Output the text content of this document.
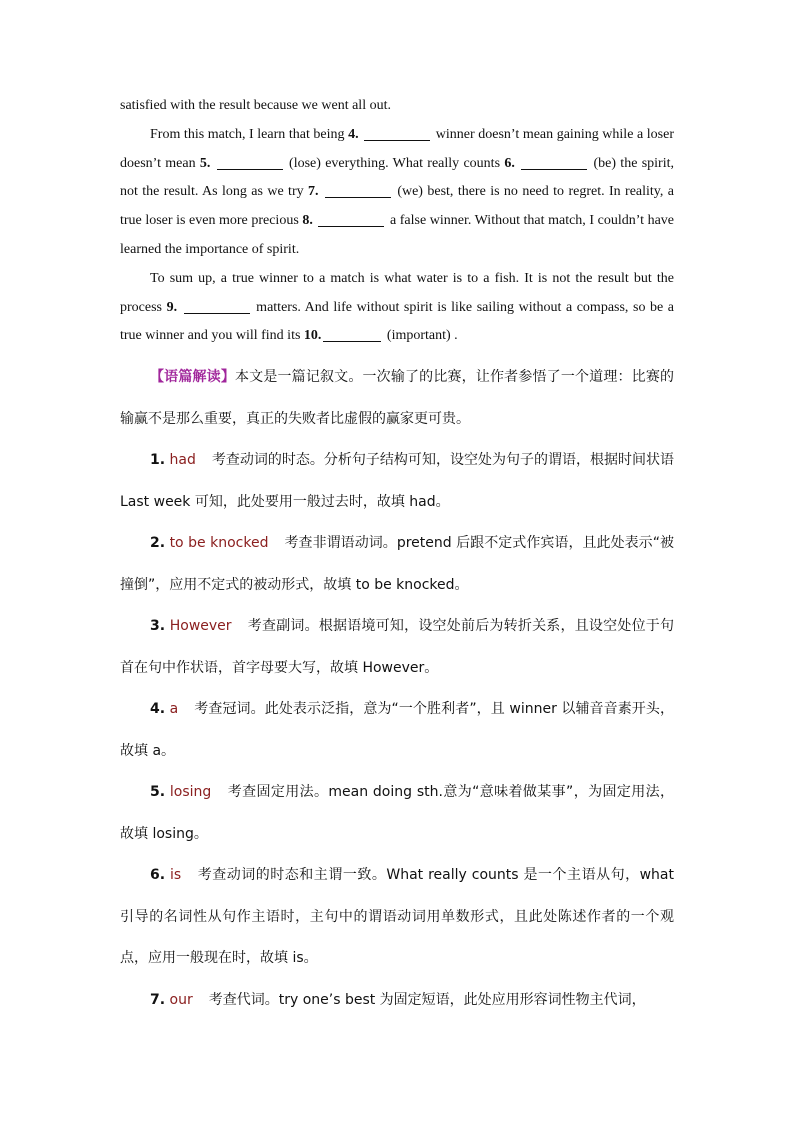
satisfied with the result because we went all out.

From this match, I learn that being 4.	winner doesn’t mean gaining while a loser doesn’t mean 5.	(lose) everything. What really counts 6.	(be) the spirit, not the result. As long as we try 7.	(we) best, there is no need to regret. In reality, a true loser is even more precious 8.	a false winner. Without that match, I couldn’t have learned the importance of spirit.

To sum up, a true winner to a match is what water is to a fish. It is not the result but the process 9.	matters. And life without spirit is like sailing without a compass, so be a true winner and you will find its 10.	(important) .

【语篇解读】本文是一篇记叙文。一次输了的比赛，让作者参悟了一个道理：比赛的输赢不是那么重要，真正的失败者比虚假的赢家更可贵。

1. had 考查动词的时态。分析句子结构可知，设空处为句子的谓语，根据时间状语 Last week 可知，此处要用一般过去时，故填 had。

2. to be knocked 考查非谓语动词。pretend 后跟不定式作宾语，且此处表示“被撞倒”，应用不定式的被动形式，故填 to be knocked。

3. However 考查副词。根据语境可知，设空处前后为转折关系，且设空处位于句首在句中作状语，首字母要大写，故填 However。

4. a 考查冠词。此处表示泛指，意为“一个胜利者”，且 winner 以辅音音素开头，故填 a。

5. losing 考查固定用法。mean doing sth.意为“意味着做某事”，为固定用法，故填 losing。

6. is 考查动词的时态和主谓一致。What really counts 是一个主语从句，what 引导的名词性从句作主语时，主句中的谓语动词用单数形式，且此处陈述作者的一个观点，应用一般现在时，故填 is。

7. our 考查代词。try one’s best 为固定短语，此处应用形容词性物主代词，
